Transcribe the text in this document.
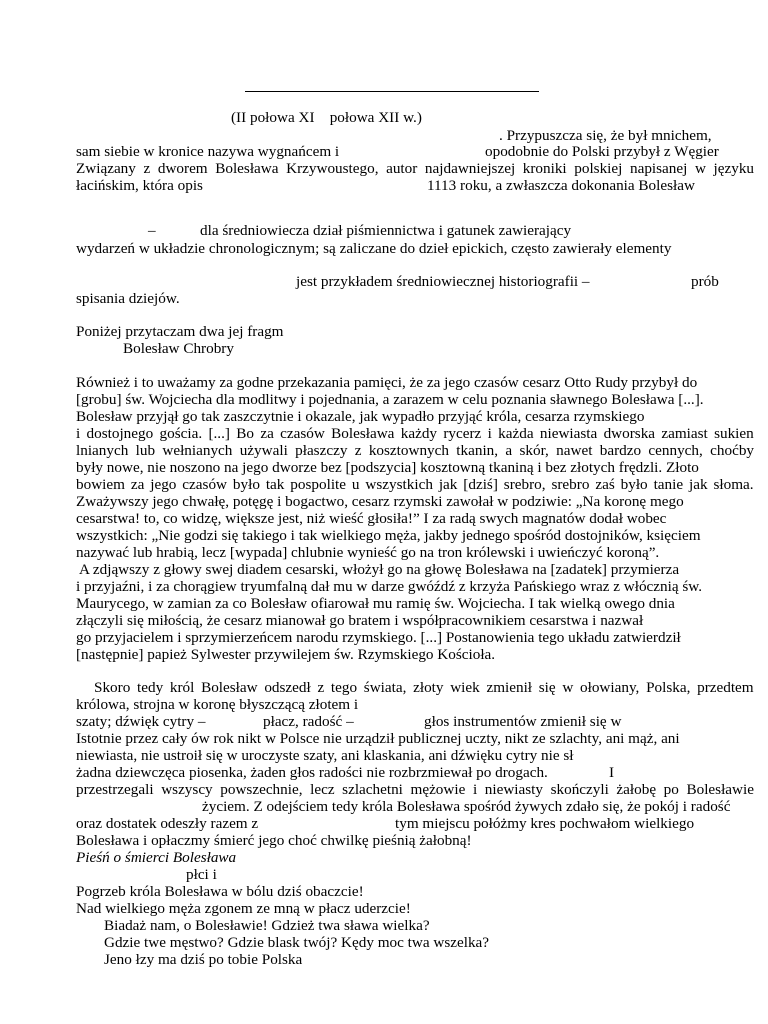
(II połowa XI    połowa XII w.)
. Przypuszcza się, że był mnichem,
sam siebie w kronice nazywa wygnańcem i	opodobnie do Polski przybył z Węgier
Związany z dworem Bolesława Krzywoustego, autor najdawniejszej kroniki polskiej napisanej w języku
łacińskim, która opis	1113 roku, a zwłaszcza dokonania Bolesław
–	dla średniowiecza dział piśmiennictwa i gatunek zawierający
wydarzeń w układzie chronologicznym; są zaliczane do dzieł epickich, często zawierały elementy
jest przykładem średniowiecznej historiografii –	prób
spisania dziejów.
Poniżej przytaczam dwa jej fragm
Bolesław Chrobry
Również i to uważamy za godne przekazania pamięci, że za jego czasów cesarz Otto Rudy przybył do
[grobu] św. Wojciecha dla modlitwy i pojednania, a zarazem w celu poznania sławnego Bolesława [...].
Bolesław przyjął go tak zaszczytnie i okazale, jak wypadło przyjąć króla, cesarza rzymskiego
i dostojnego gościa. [...] Bo za czasów Bolesława każdy rycerz i każda niewiasta dworska zamiast sukien
lnianych lub wełnianych używali płaszczy z kosztownych tkanin, a skór, nawet bardzo cennych, choćby
były nowe, nie noszono na jego dworze bez [podszycia] kosztowną tkaniną i bez złotych frędzli. Złoto
bowiem za jego czasów było tak pospolite u wszystkich jak [dziś] srebro, srebro zaś było tanie jak słoma.
Zważywszy jego chwałę, potęgę i bogactwo, cesarz rzymski zawołał w podziwie: „Na koronę mego
cesarstwa! to, co widzę, większe jest, niż wieść głosiła!” I za radą swych magnatów dodał wobec
wszystkich: „Nie godzi się takiego i tak wielkiego męża, jakby jednego spośród dostojników, księciem
nazywać lub hrabią, lecz [wypada] chlubnie wynieść go na tron królewski i uwieńczyć koroną”.
A zdjąwszy z głowy swej diadem cesarski, włożył go na głowę Bolesława na [zadatek] przymierza
i przyjaźni, i za chorągiew tryumfalną dał mu w darze gwóźdź z krzyża Pańskiego wraz z włócznią św.
Maurycego, w zamian za co Bolesław ofiarował mu ramię św. Wojciecha. I tak wielką owego dnia
złączyli się miłością, że cesarz mianował go bratem i współpracownikiem cesarstwa i nazwał
go przyjacielem i sprzymierzeńcem narodu rzymskiego. [...] Postanowienia tego układu zatwierdził
[następnie] papież Sylwester przywilejem św. Rzymskiego Kościoła.
Skoro tedy król Bolesław odszedł z tego świata, złoty wiek zmienił się w ołowiany, Polska, przedtem
królowa, strojna w koronę błyszczącą złotem i
szaty; dźwięk cytry –	płacz, radość –	głos instrumentów zmienił się w
Istotnie przez cały ów rok nikt w Polsce nie urządził publicznej uczty, nikt ze szlachty, ani mąż, ani
niewiasta, nie ustroił się w uroczyste szaty, ani klaskania, ani dźwięku cytry nie sł
żadna dziewczęca piosenka, żaden głos radości nie rozbrzmiewał po drogach.	I
przestrzegali wszyscy powszechnie, lecz szlachetni mężowie i niewiasty skończyli żałobę po Bolesławie
życiem. Z odejściem tedy króla Bolesława spośród żywych zdało się, że pokój i radość
oraz dostatek odeszły razem z	tym miejscu połóżmy kres pochwałom wielkiego
Bolesława i opłaczmy śmierć jego choć chwilkę pieśnią żałobną!
Pieśń o śmierci Bolesława
płci i
Pogrzeb króla Bolesława w bólu dziś obaczcie!
Nad wielkiego męża zgonem ze mną w płacz uderzcie!
Biadaż nam, o Bolesławie! Gdzież twa sława wielka?
Gdzie twe męstwo? Gdzie blask twój? Kędy moc twa wszelka?
Jeno łzy ma dziś po tobie Polska
